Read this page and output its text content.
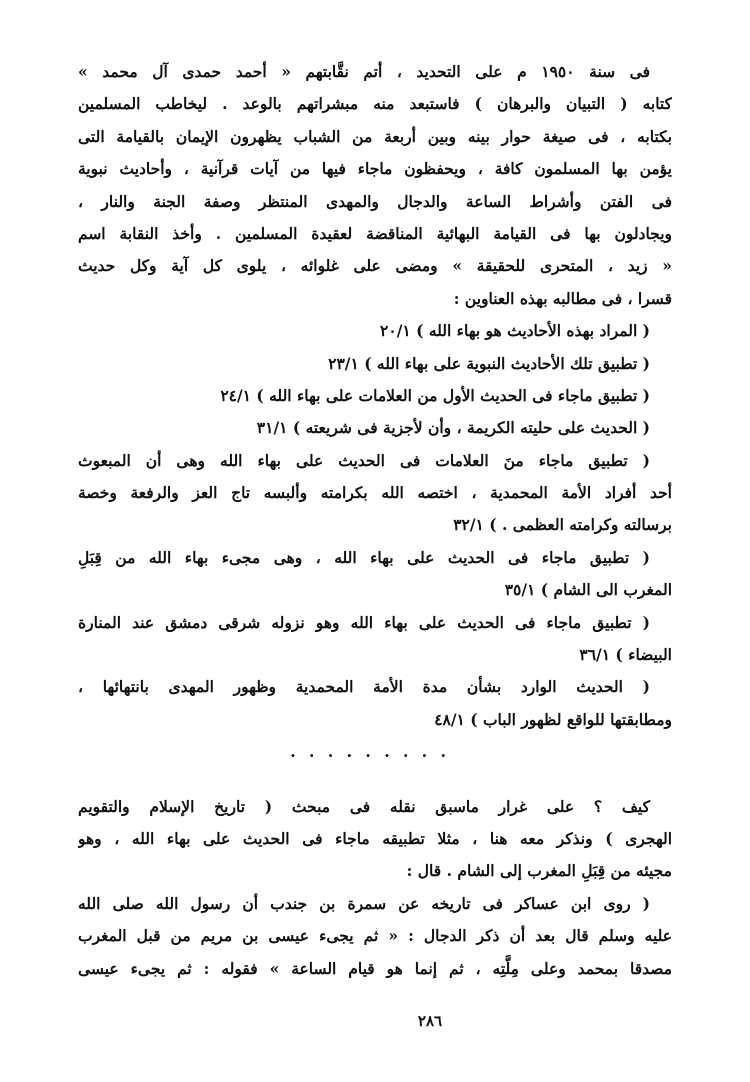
فى سنة ١٩٥٠ م على التحديد ، أتم نقَّابتهم « أحمد حمدى آل محمد »
كتابه ( التبيان والبرهان ) فاستبعد منه مبشراتهم بالوعد . ليخاطب المسلمين
بكتابه ، فى صيغة حوار بينه وبين أربعة من الشباب يظهرون الإيمان بالقيامة التى
يؤمن بها المسلمون كافة ، ويحفظون ماجاء فيها من آيات قرآنية ، وأحاديث نبوية
فى الفتن وأشراط الساعة والدجال والمهدى المنتظر وصفة الجنة والنار ،
ويجادلون بها فى القيامة البهائية المناقضة لعقيدة المسلمين . وأخذ النقابة اسم
« زيد ، المتحرى للحقيقة » ومضى على غلوائه ، يلوى كل آية وكل حديث
قسرا ، فى مطالبه بهذه العناوين :
( المراد بهذه الأحاديث هو بهاء الله ) ٢٠/١
( تطبيق تلك الأحاديث النبوية على بهاء الله ) ٢٣/١
( تطبيق ماجاء فى الحديث الأول من العلامات على بهاء الله ) ٢٤/١
( الحديث على حليته الكريمة ، وأن لأجزية فى شريعته ) ٣١/١
( تطبيق ماجاء منَ العلامات فى الحديث على بهاء الله وهى أن المبعوث
أحد أفراد الأمة المحمدية ، اختصه الله بكرامته وألبسه تاج العز والرفعة وخصة
برسالته وكرامته العظمى . ) ٣٢/١
( تطبيق ماجاء فى الحديث على بهاء الله ، وهى مجىء بهاء الله من قِبَلِ
المغرب الى الشام ) ٣٥/١
( تطبيق ماجاء فى الحديث على بهاء الله وهو نزوله شرقى دمشق عند المنارة
البيضاء ) ٣٦/١
( الحديث الوارد بشأن مدة الأمة المحمدية وظهور المهدى بانتهائها ،
ومطابقتها للواقع لظهور الباب ) ٤٨/١
. . . . . . . . .
كيف ؟ على غرار ماسبق نقله فى مبحث ( تاريخ الإسلام والتقويم
الهجرى ) ونذكر معه هنا ، مثلا تطبيقه ماجاء فى الحديث على بهاء الله ، وهو
مجيئه من قِبَلِ المغرب إلى الشام . قال :
( روى ابن عساكر فى تاريخه عن سمرة بن جندب أن رسول الله صلى الله
عليه وسلم قال بعد أن ذكر الدجال : « ثم يجىء عيسى بن مريم من قبل المغرب
مصدقا بمحمد وعلى مِلَّتِه ، ثم إنما هو قيام الساعة » فقوله : ثم يجىء عيسى
٢٨٦
